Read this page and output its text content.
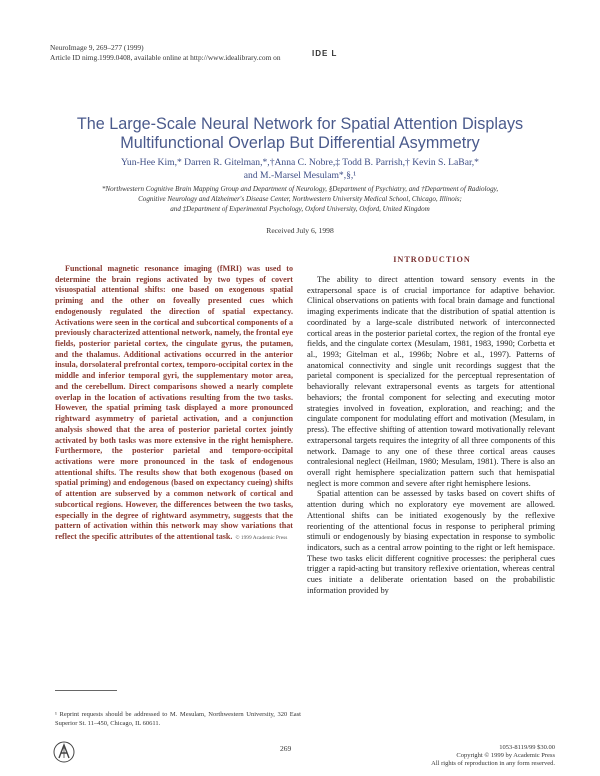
NeuroImage 9, 269–277 (1999)
Article ID nimg.1999.0408, available online at http://www.idealibrary.com on	IDE L
The Large-Scale Neural Network for Spatial Attention Displays
Multifunctional Overlap But Differential Asymmetry
Yun-Hee Kim,* Darren R. Gitelman,*,†Anna C. Nobre,‡ Todd B. Parrish,† Kevin S. LaBar,*
and M.-Marsel Mesulam*,§,¹
*Northwestern Cognitive Brain Mapping Group and Department of Neurology, §Department of Psychiatry, and †Department of Radiology,
Cognitive Neurology and Alzheimer's Disease Center, Northwestern University Medical School, Chicago, Illinois;
and ‡Department of Experimental Psychology, Oxford University, Oxford, United Kingdom
Received July 6, 1998
INTRODUCTION
Functional magnetic resonance imaging (fMRI) was used to determine the brain regions activated by two types of covert visuospatial attentional shifts: one based on exogenous spatial priming and the other on foveally presented cues which endogenously regulated the direction of spatial expectancy. Activations were seen in the cortical and subcortical components of a previously characterized attentional network, namely, the frontal eye fields, posterior parietal cortex, the cingulate gyrus, the putamen, and the thalamus. Additional activations occurred in the anterior insula, dorsolateral prefrontal cortex, temporo-occipital cortex in the middle and inferior temporal gyri, the supplementary motor area, and the cerebellum. Direct comparisons showed a nearly complete overlap in the location of activations resulting from the two tasks. However, the spatial priming task displayed a more pronounced rightward asymmetry of parietal activation, and a conjunction analysis showed that the area of posterior parietal cortex jointly activated by both tasks was more extensive in the right hemisphere. Furthermore, the posterior parietal and temporo-occipital activations were more pronounced in the task of endogenous attentional shifts. The results show that both exogenous (based on spatial priming) and endogenous (based on expectancy cueing) shifts of attention are subserved by a common network of cortical and subcortical regions. However, the differences between the two tasks, especially in the degree of rightward asymmetry, suggests that the pattern of activation within this network may show variations that reflect the specific attributes of the attentional task. © 1999 Academic Press

The ability to direct attention toward sensory events in the extrapersonal space is of crucial importance for adaptive behavior. Clinical observations on patients with focal brain damage and functional imaging experiments indicate that the distribution of spatial attention is coordinated by a large-scale distributed network of interconnected cortical areas in the posterior parietal cortex, the region of the frontal eye fields, and the cingulate cortex (Mesulam, 1981, 1983, 1990; Corbetta et al., 1993; Gitelman et al., 1996b; Nobre et al., 1997). Patterns of anatomical connectivity and single unit recordings suggest that the parietal component is specialized for the perceptual representation of behaviorally relevant extrapersonal events as targets for attentional behaviors; the frontal component for selecting and executing motor strategies involved in foveation, exploration, and reaching; and the cingulate component for modulating effort and motivation (Mesulam, in press). The effective shifting of attention toward motivationally relevant extrapersonal targets requires the integrity of all three components of this network. Damage to any one of these three cortical areas causes contralesional neglect (Heilman, 1980; Mesulam, 1981). There is also an overall right hemisphere specialization pattern such that hemispatial neglect is more common and severe after right hemisphere lesions.

Spatial attention can be assessed by tasks based on covert shifts of attention during which no exploratory eye movement are allowed. Attentional shifts can be initiated exogenously by the reflexive reorienting of the attentional focus in response to peripheral priming stimuli or endogenously by biasing expectation in response to symbolic indicators, such as a central arrow pointing to the right or left hemispace. These two tasks elicit different cognitive processes: the peripheral cues trigger a rapid-acting but transitory reflexive orientation, whereas central cues initiate a deliberate orientation based on the probabilistic information provided by

¹ Reprint requests should be addressed to M. Mesulam, Northwestern University, 320 East Superior St. 11–450, Chicago, IL 60611.
269	1053-8119/99 $30.00
Copyright © 1999 by Academic Press
All rights of reproduction in any form reserved.
